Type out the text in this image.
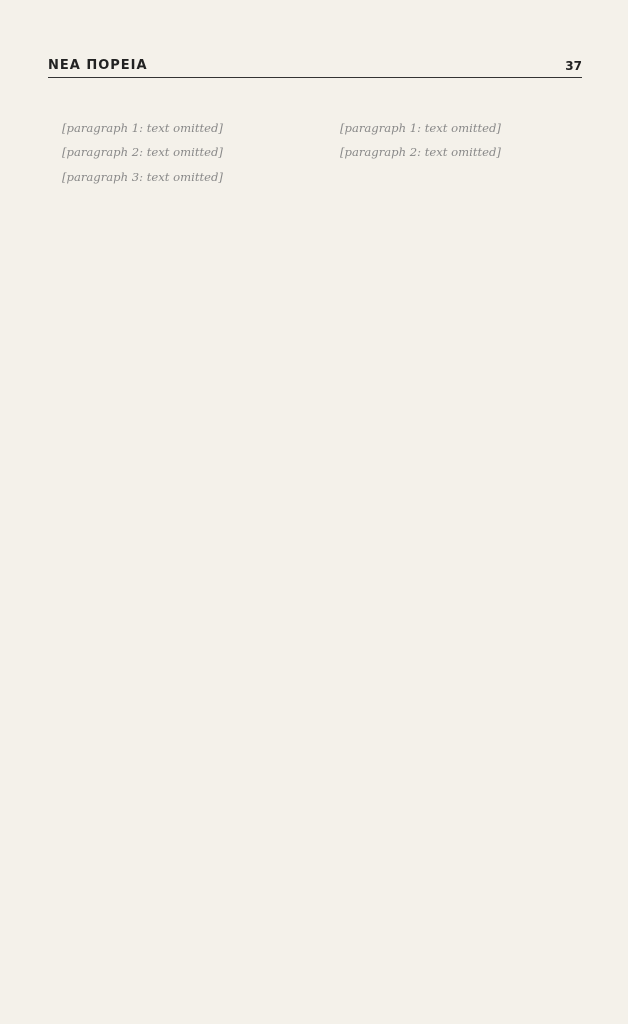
ΝΕΑ ΠΟΡΕΙΑ	37

[paragraph 1: text omitted]

[paragraph 2: text omitted]

[paragraph 3: text omitted]

[paragraph 1: text omitted]

[paragraph 2: text omitted]
